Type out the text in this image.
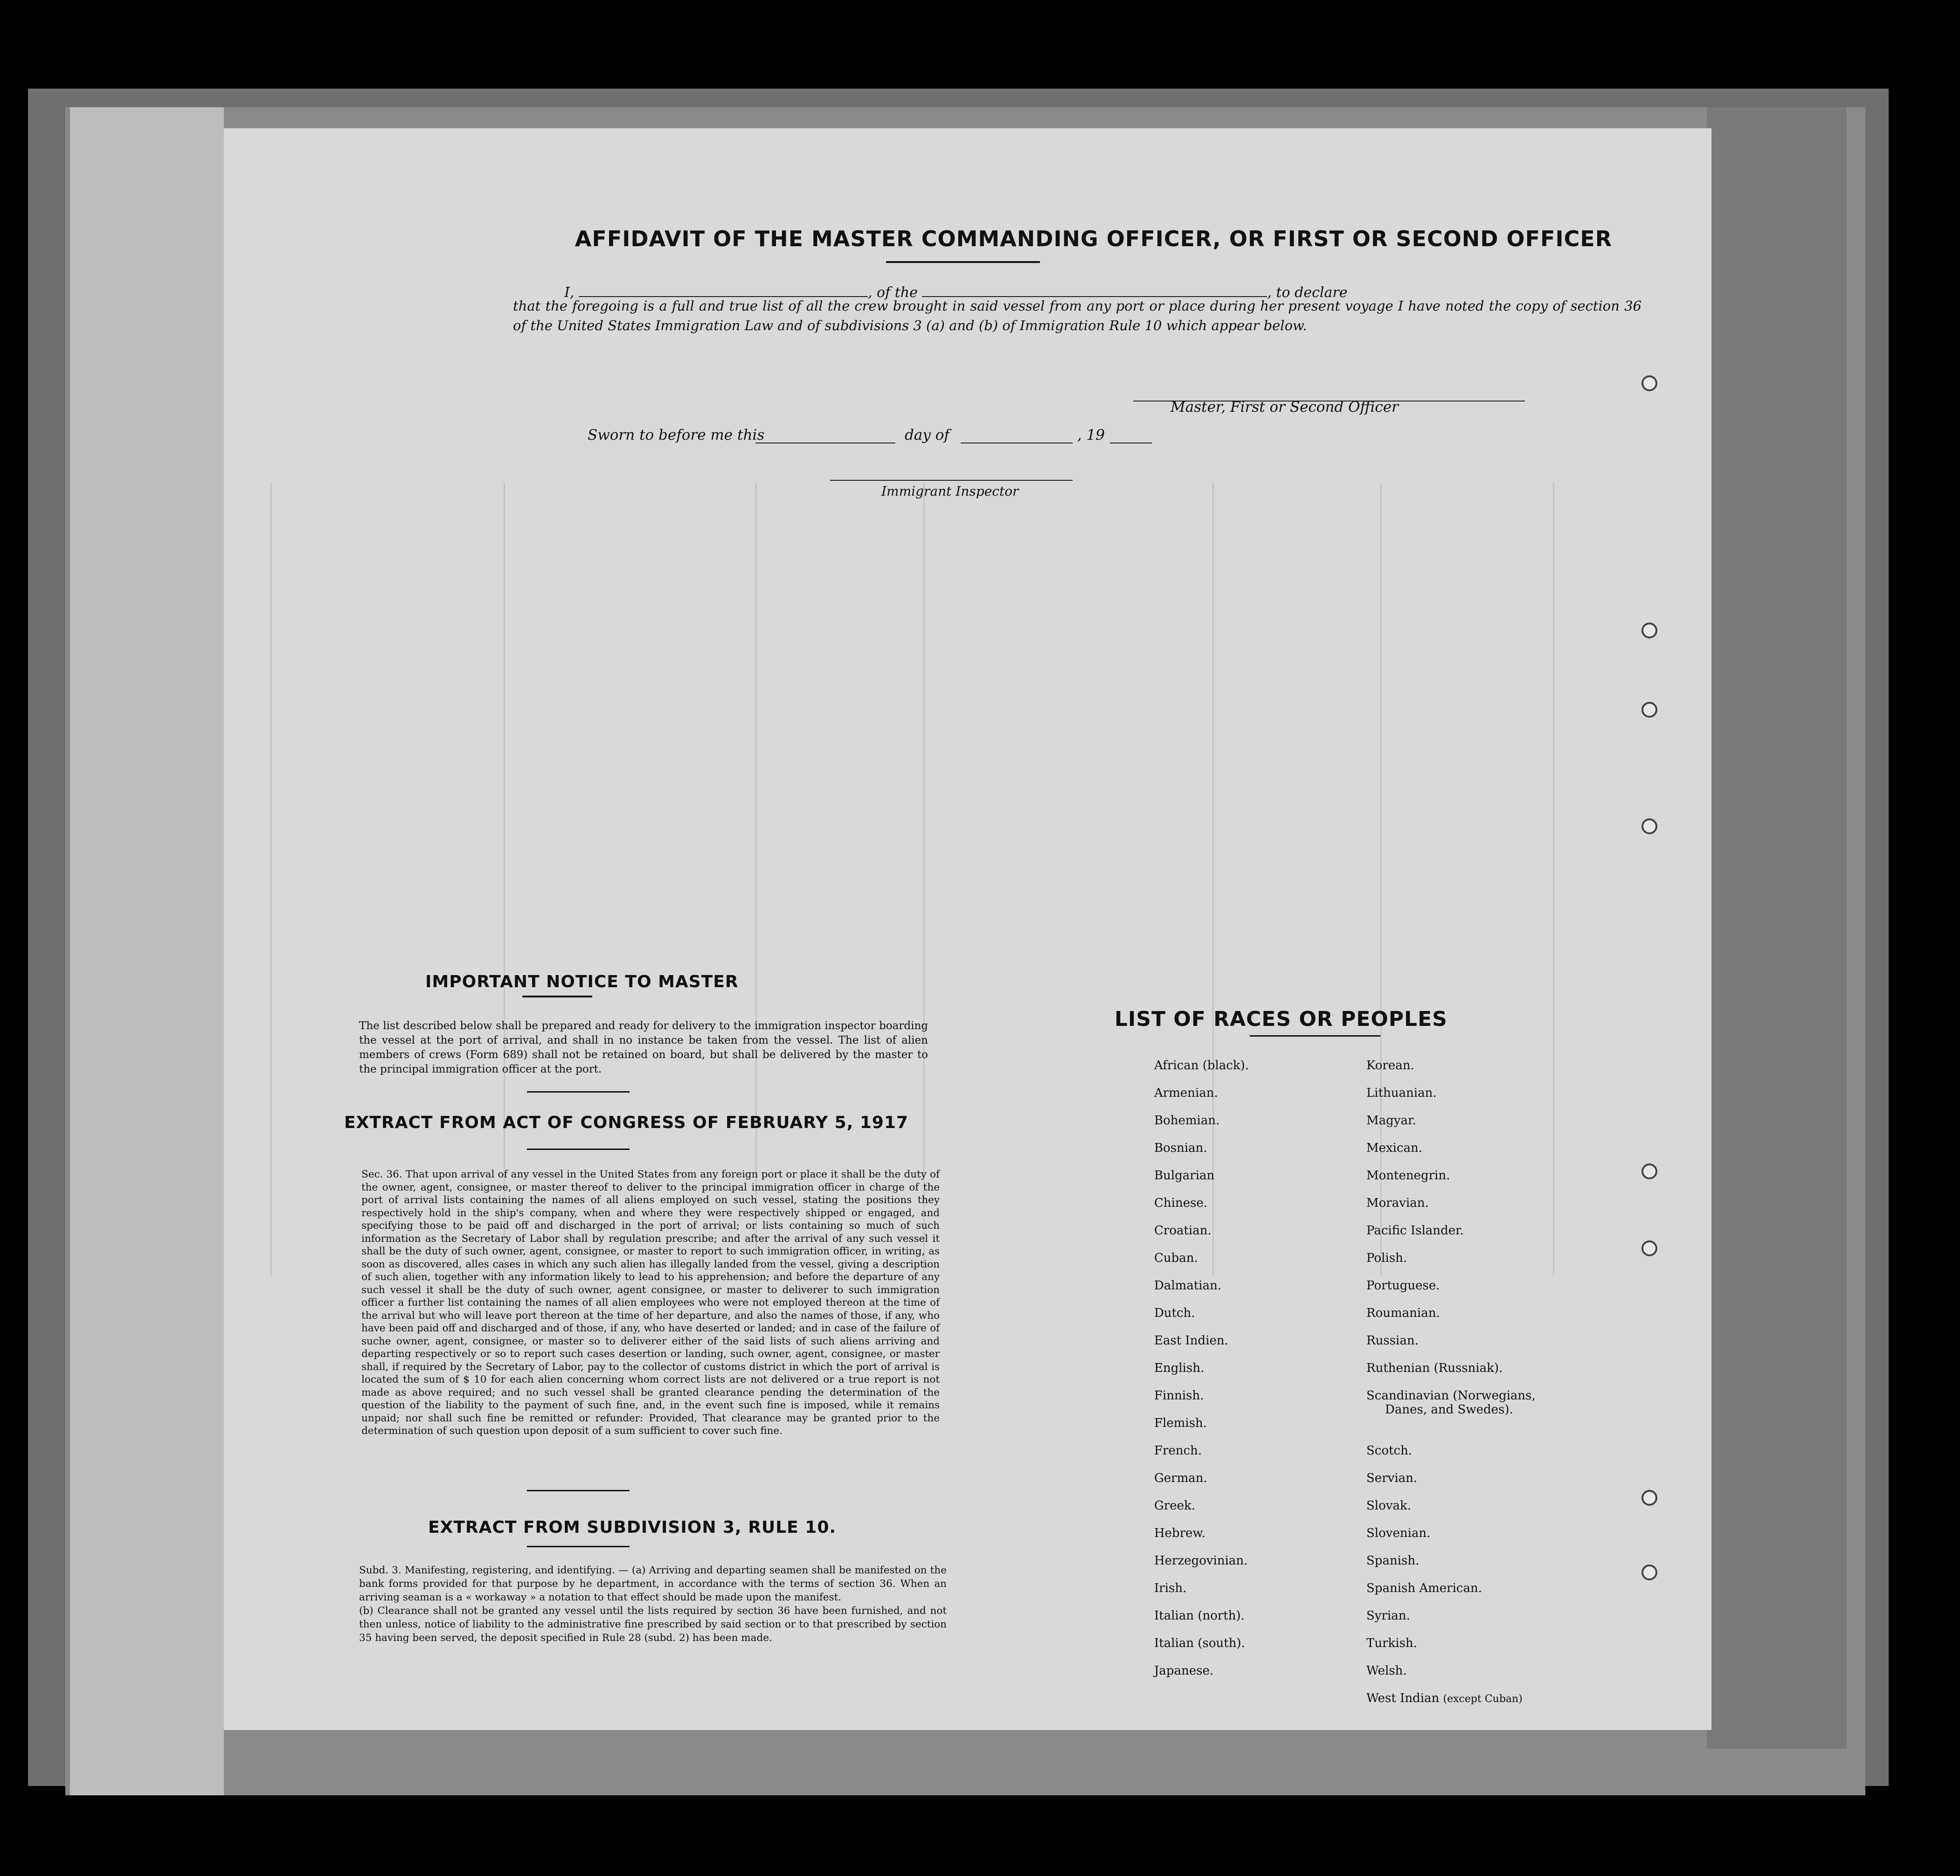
AFFIDAVIT OF THE MASTER COMMANDING OFFICER, OR FIRST OR SECOND OFFICER
I,	, of the	, to declare
that the foregoing is a full and true list of all the crew brought in said vessel from any port or place during her present voyage I have noted the copy of section 36 of the United States Immigration Law and of subdivisions 3 (a) and (b) of Immigration Rule 10 which appear below.
Master, First or Second Officer
Sworn to before me this	day of	, 19
Immigrant Inspector
IMPORTANT NOTICE TO MASTER
The list described below shall be prepared and ready for delivery to the immigration inspector boarding the vessel at the port of arrival, and shall in no instance be taken from the vessel. The list of alien members of crews (Form 689) shall not be retained on board, but shall be delivered by the master to the principal immigration officer at the port.
EXTRACT FROM ACT OF CONGRESS OF FEBRUARY 5, 1917
Sec. 36. That upon arrival of any vessel in the United States from any foreign port or place it shall be the duty of the owner, agent, consignee, or master thereof to deliver to the principal immigration officer in charge of the port of arrival lists containing the names of all aliens employed on such vessel, stating the positions they respectively hold in the ship's company, when and where they were respectively shipped or engaged, and specifying those to be paid off and discharged in the port of arrival; or lists containing so much of such information as the Secretary of Labor shall by regulation prescribe; and after the arrival of any such vessel it shall be the duty of such owner, agent, consignee, or master to report to such immigration officer, in writing, as soon as discovered, alles cases in which any such alien has illegally landed from the vessel, giving a description of such alien, together with any information likely to lead to his apprehension; and before the departure of any such vessel it shall be the duty of such owner, agent consignee, or master to deliverer to such immigration officer a further list containing the names of all alien employees who were not employed thereon at the time of the arrival but who will leave port thereon at the time of her departure, and also the names of those, if any, who have been paid off and discharged and of those, if any, who have deserted or landed; and in case of the failure of suche owner, agent, consignee, or master so to deliverer either of the said lists of such aliens arriving and departing respectively or so to report such cases desertion or landing, such owner, agent, consignee, or master shall, if required by the Secretary of Labor, pay to the collector of customs district in which the port of arrival is located the sum of $ 10 for each alien concerning whom correct lists are not delivered or a true report is not made as above required; and no such vessel shall be granted clearance pending the determination of the question of the liability to the payment of such fine, and, in the event such fine is imposed, while it remains unpaid; nor shall such fine be remitted or refunder: Provided, That clearance may be granted prior to the determination of such question upon deposit of a sum sufficient to cover such fine.
EXTRACT FROM SUBDIVISION 3, RULE 10.
Subd. 3. Manifesting, registering, and identifying. — (a) Arriving and departing seamen shall be manifested on the bank forms provided for that purpose by he department, in accordance with the terms of section 36. When an arriving seaman is a « workaway » a notation to that effect should be made upon the manifest.
(b) Clearance shall not be granted any vessel until the lists required by section 36 have been furnished, and not then unless, notice of liability to the administrative fine prescribed by said section or to that prescribed by section 35 having been served, the deposit specified in Rule 28 (subd. 2) has been made.
LIST OF RACES OR PEOPLES
African (black).
Armenian.
Bohemian.
Bosnian.
Bulgarian
Chinese.
Croatian.
Cuban.
Dalmatian.
Dutch.
East Indien.
English.
Finnish.
Flemish.
French.
German.
Greek.
Hebrew.
Herzegovinian.
Irish.
Italian (north).
Italian (south).
Japanese.
Korean.
Lithuanian.
Magyar.
Mexican.
Montenegrin.
Moravian.
Pacific Islander.
Polish.
Portuguese.
Roumanian.
Russian.
Ruthenian (Russniak).
Scandinavian (Norwegians,
Danes, and Swedes).
Scotch.
Servian.
Slovak.
Slovenian.
Spanish.
Spanish American.
Syrian.
Turkish.
Welsh.
West Indian (except Cuban)
